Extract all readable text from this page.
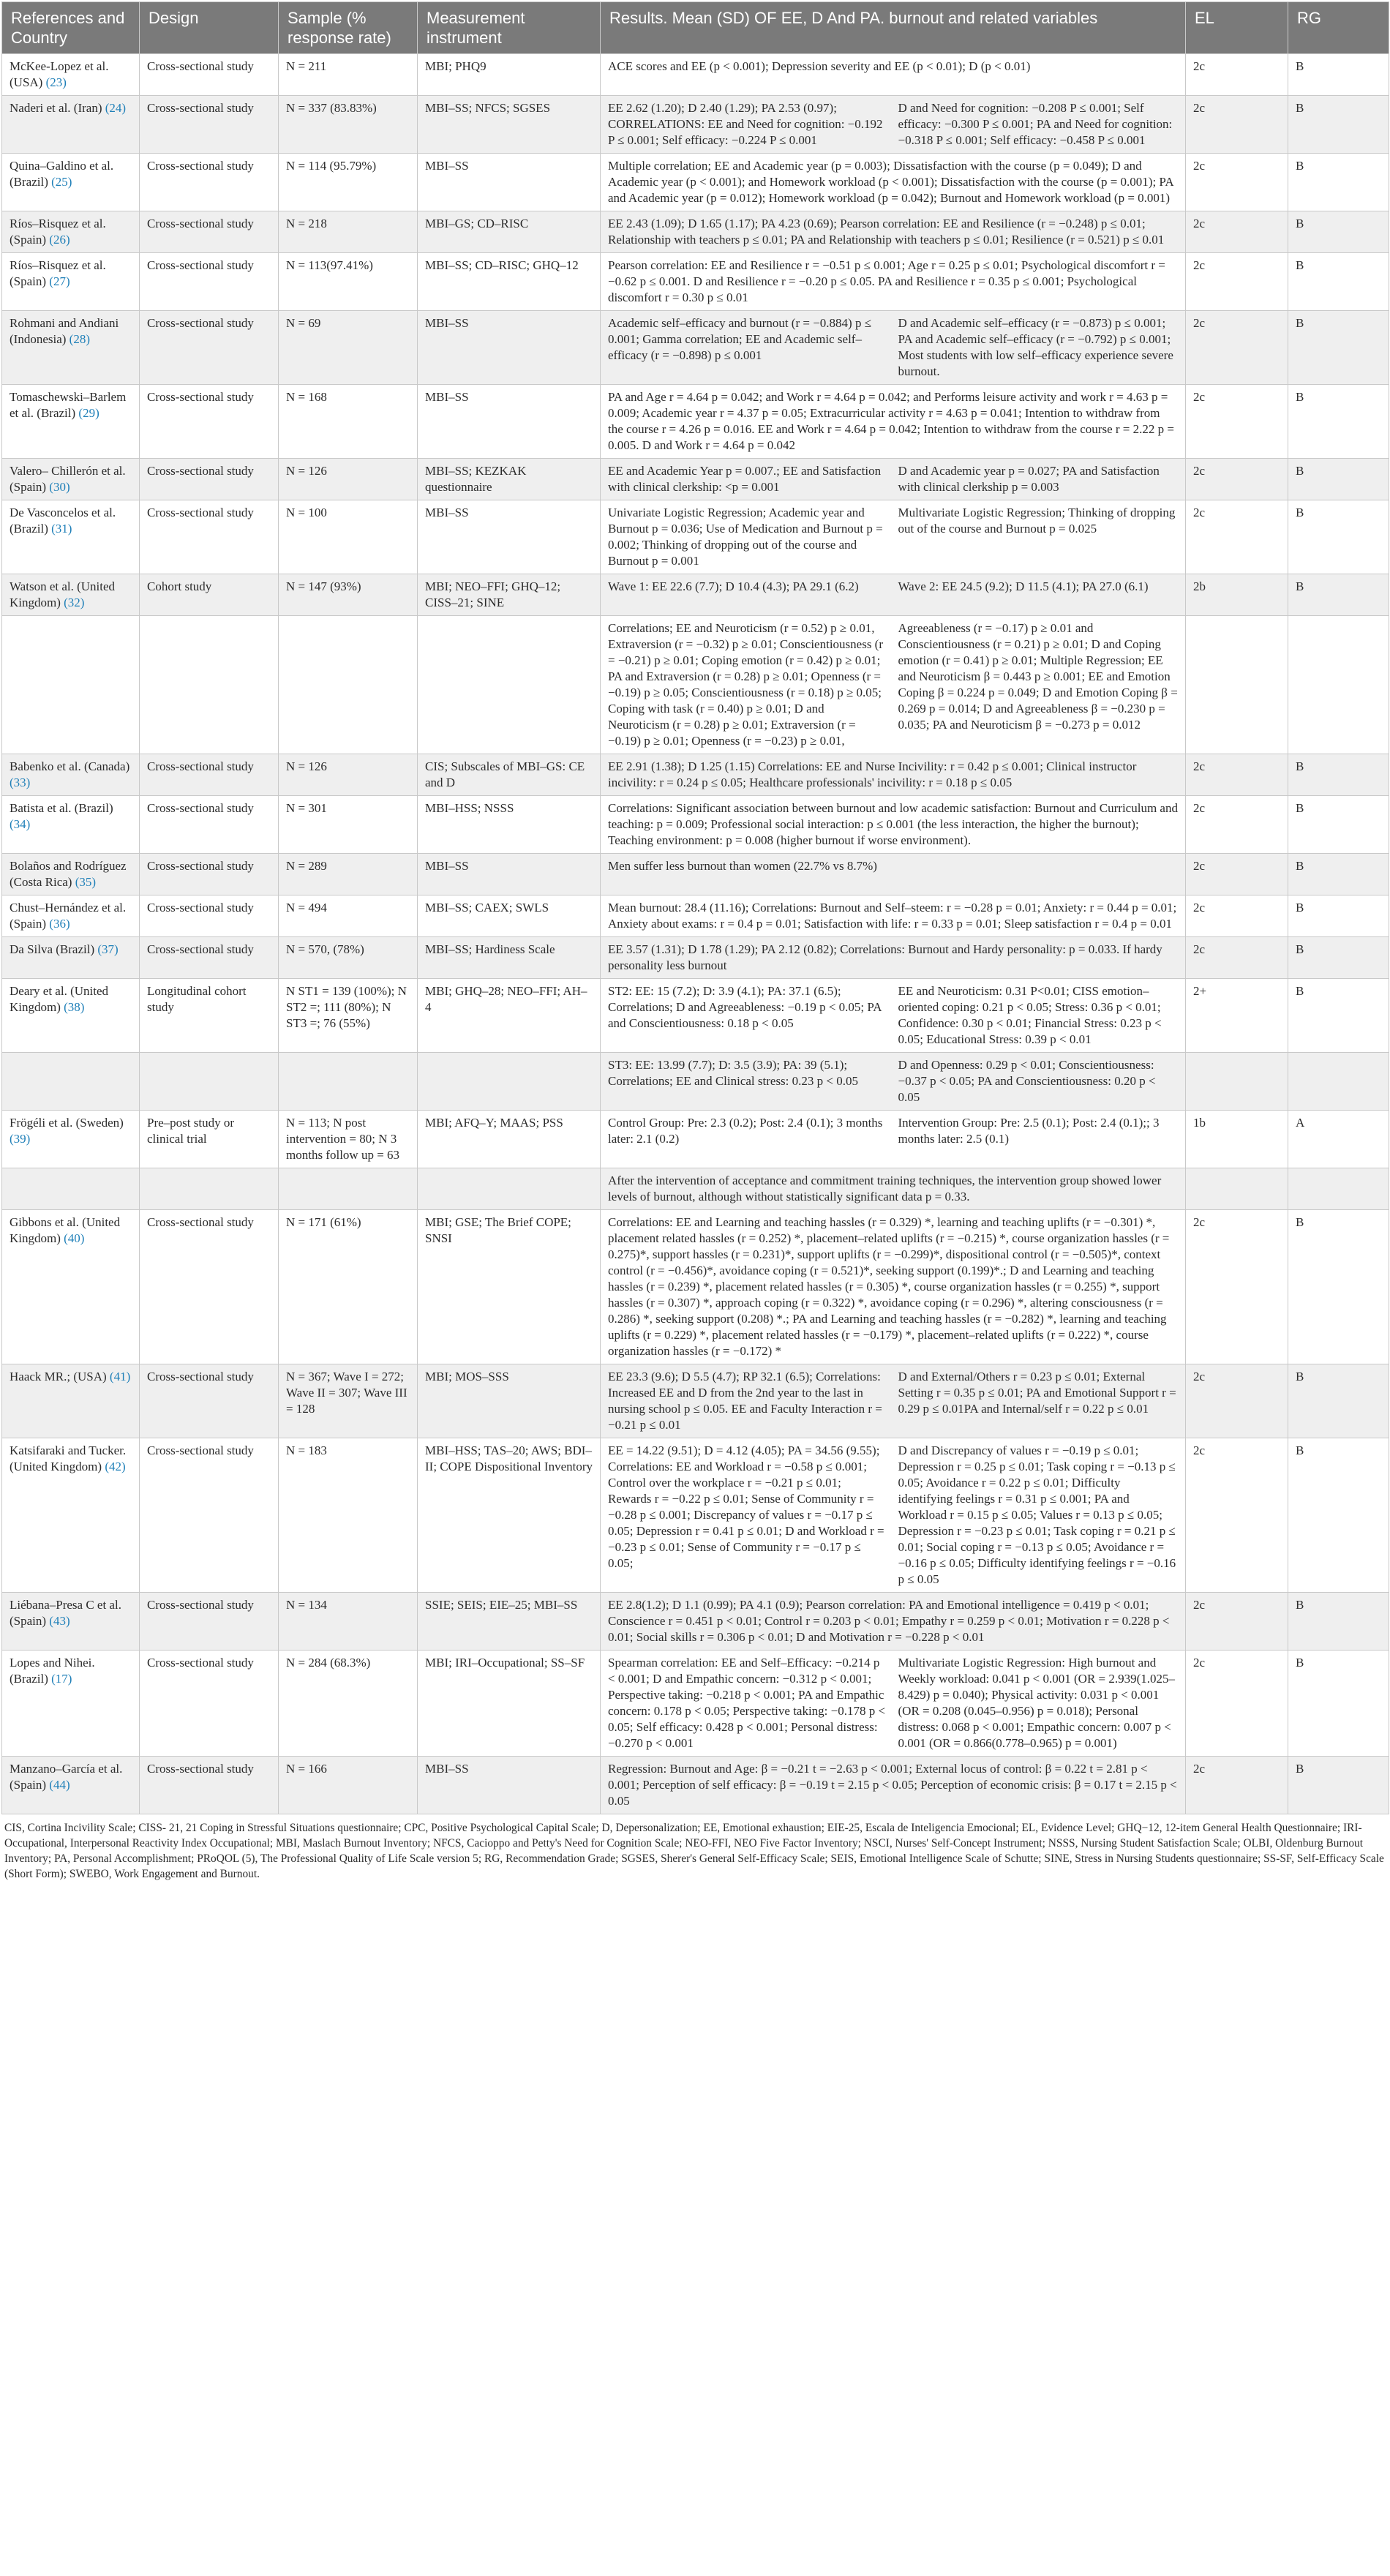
References and Country	Design	Sample (% response rate)	Measurement instrument	Results. Mean (SD) OF EE, D And PA. burnout and related variables	EL	RG
McKee-Lopez et al. (USA) (23)	Cross-sectional study	N = 211	MBI; PHQ9	ACE scores and EE (p < 0.001); Depression severity and EE (p < 0.01); D (p < 0.01)	2c	B
Naderi et al. (Iran) (24)	Cross-sectional study	N = 337 (83.83%)	MBI–SS; NFCS; SGSES	EE 2.62 (1.20); D 2.40 (1.29); PA 2.53 (0.97); CORRELATIONS: EE and Need for cognition: −0.192 P ≤ 0.001; Self efficacy: −0.224 P ≤ 0.001
D and Need for cognition: −0.208 P ≤ 0.001; Self efficacy: −0.300 P ≤ 0.001; PA and Need for cognition: −0.318 P ≤ 0.001; Self efficacy: −0.458 P ≤ 0.001	2c	B
Quina–Galdino et al. (Brazil) (25)	Cross-sectional study	N = 114 (95.79%)	MBI–SS	Multiple correlation; EE and Academic year (p = 0.003); Dissatisfaction with the course (p = 0.049); D and Academic year (p < 0.001); and Homework workload (p < 0.001); Dissatisfaction with the course (p = 0.001); PA and Academic year (p = 0.012); Homework workload (p = 0.042); Burnout and Homework workload (p = 0.001)	2c	B
Ríos–Risquez et al. (Spain) (26)	Cross-sectional study	N = 218	MBI–GS; CD–RISC	EE 2.43 (1.09); D 1.65 (1.17); PA 4.23 (0.69); Pearson correlation: EE and Resilience (r = −0.248) p ≤ 0.01; Relationship with teachers p ≤ 0.01; PA and Relationship with teachers p ≤ 0.01; Resilience (r = 0.521) p ≤ 0.01	2c	B
Ríos–Risquez et al. (Spain) (27)	Cross-sectional study	N = 113(97.41%)	MBI–SS; CD–RISC; GHQ–12	Pearson correlation: EE and Resilience r = −0.51 p ≤ 0.001; Age r = 0.25 p ≤ 0.01; Psychological discomfort r = −0.62 p ≤ 0.001. D and Resilience r = −0.20 p ≤ 0.05. PA and Resilience r = 0.35 p ≤ 0.001; Psychological discomfort r = 0.30 p ≤ 0.01	2c	B
Rohmani and Andiani (Indonesia) (28)	Cross-sectional study	N = 69	MBI–SS	Academic self–efficacy and burnout (r = −0.884) p ≤ 0.001; Gamma correlation; EE and Academic self–efficacy (r = −0.898) p ≤ 0.001
D and Academic self–efficacy (r = −0.873) p ≤ 0.001; PA and Academic self–efficacy (r = −0.792) p ≤ 0.001; Most students with low self–efficacy experience severe burnout.	2c	B
Tomaschewski–Barlem et al. (Brazil) (29)	Cross-sectional study	N = 168	MBI–SS	PA and Age r = 4.64 p = 0.042; and Work r = 4.64 p = 0.042; and Performs leisure activity and work r = 4.63 p = 0.009; Academic year r = 4.37 p = 0.05; Extracurricular activity r = 4.63 p = 0.041; Intention to withdraw from the course r = 4.26 p = 0.016. EE and Work r = 4.64 p = 0.042; Intention to withdraw from the course r = 2.22 p = 0.005. D and Work r = 4.64 p = 0.042	2c	B
Valero– Chillerón et al. (Spain) (30)	Cross-sectional study	N = 126	MBI–SS; KEZKAK questionnaire	EE and Academic Year p = 0.007.; EE and Satisfaction with clinical clerkship: <p = 0.001
D and Academic year p = 0.027; PA and Satisfaction with clinical clerkship p = 0.003	2c	B
De Vasconcelos et al. (Brazil) (31)	Cross-sectional study	N = 100	MBI–SS	Univariate Logistic Regression; Academic year and Burnout p = 0.036; Use of Medication and Burnout p = 0.002; Thinking of dropping out of the course and Burnout p = 0.001
Multivariate Logistic Regression; Thinking of dropping out of the course and Burnout p = 0.025	2c	B
Watson et al. (United Kingdom) (32)	Cohort study	N = 147 (93%)	MBI; NEO–FFI; GHQ–12; CISS–21; SINE	Wave 1: EE 22.6 (7.7); D 10.4 (4.3); PA 29.1 (6.2) Wave 2: EE 24.5 (9.2); D 11.5 (4.1); PA 27.0 (6.1)	2b	B

				Correlations; EE and Neuroticism (r = 0.52) p ≥ 0.01, Extraversion (r = −0.32) p ≥ 0.01; Conscientiousness (r = −0.21) p ≥ 0.01; Coping emotion (r = 0.42) p ≥ 0.01; PA and Extraversion (r = 0.28) p ≥ 0.01; Openness (r = −0.19) p ≥ 0.05; Conscientiousness (r = 0.18) p ≥ 0.05; Coping with task (r = 0.40) p ≥ 0.01; D and Neuroticism (r = 0.28) p ≥ 0.01; Extraversion (r = −0.19) p ≥ 0.01; Openness (r = −0.23) p ≥ 0.01,
Agreeableness (r = −0.17) p ≥ 0.01 and Conscientiousness (r = 0.21) p ≥ 0.01; D and Coping emotion (r = 0.41) p ≥ 0.01; Multiple Regression; EE and Neuroticism β = 0.443 p ≥ 0.001; EE and Emotion Coping β = 0.224 p = 0.049; D and Emotion Coping β = 0.269 p = 0.014; D and Agreeableness β = −0.230 p = 0.035; PA and Neuroticism β = −0.273 p = 0.012		

Babenko et al. (Canada) (33)	Cross-sectional study	N = 126	CIS; Subscales of MBI–GS: CE and D	EE 2.91 (1.38); D 1.25 (1.15) Correlations: EE and Nurse Incivility: r = 0.42 p ≤ 0.001; Clinical instructor incivility: r = 0.24 p ≤ 0.05; Healthcare professionals' incivility: r = 0.18 p ≤ 0.05	2c	B
Batista et al. (Brazil) (34)	Cross-sectional study	N = 301	MBI–HSS; NSSS	Correlations: Significant association between burnout and low academic satisfaction: Burnout and Curriculum and teaching: p = 0.009; Professional social interaction: p ≤ 0.001 (the less interaction, the higher the burnout); Teaching environment: p = 0.008 (higher burnout if worse environment).	2c	B
Bolaños and Rodríguez (Costa Rica) (35)	Cross-sectional study	N = 289	MBI–SS	Men suffer less burnout than women (22.7% vs 8.7%)	2c	B
Chust–Hernández et al. (Spain) (36)	Cross-sectional study	N = 494	MBI–SS; CAEX; SWLS	Mean burnout: 28.4 (11.16); Correlations: Burnout and Self–steem: r = −0.28 p = 0.01; Anxiety: r = 0.44 p = 0.01; Anxiety about exams: r = 0.4 p = 0.01; Satisfaction with life: r = 0.33 p = 0.01; Sleep satisfaction r = 0.4 p = 0.01	2c	B
Da Silva (Brazil) (37)	Cross-sectional study	N = 570, (78%)	MBI–SS; Hardiness Scale	EE 3.57 (1.31); D 1.78 (1.29); PA 2.12 (0.82); Correlations: Burnout and Hardy personality: p = 0.033. If hardy personality less burnout	2c	B
Deary et al. (United Kingdom) (38)	Longitudinal cohort study	N ST1 = 139 (100%); N ST2 =; 111 (80%); N ST3 =; 76 (55%)	MBI; GHQ–28; NEO–FFI; AH–4	ST2: EE: 15 (7.2); D: 3.9 (4.1); PA: 37.1 (6.5); Correlations; D and Agreeableness: −0.19 p < 0.05; PA and Conscientiousness: 0.18 p < 0.05
EE and Neuroticism: 0.31 P<0.01; CISS emotion–oriented coping: 0.21 p < 0.05; Stress: 0.36 p < 0.01; Confidence: 0.30 p < 0.01; Financial Stress: 0.23 p < 0.05; Educational Stress: 0.39 p < 0.01	2+	B

				ST3: EE: 13.99 (7.7); D: 3.5 (3.9); PA: 39 (5.1); Correlations; EE and Clinical stress: 0.23 p < 0.05
D and Openness: 0.29 p < 0.01; Conscientiousness: −0.37 p < 0.05; PA and Conscientiousness: 0.20 p < 0.05		

Frögéli et al. (Sweden) (39)	Pre–post study or clinical trial	N = 113; N post intervention = 80; N 3 months follow up = 63	MBI; AFQ–Y; MAAS; PSS	Control Group: Pre: 2.3 (0.2); Post: 2.4 (0.1); 3 months later: 2.1 (0.2)
Intervention Group: Pre: 2.5 (0.1); Post: 2.4 (0.1);; 3 months later: 2.5 (0.1)	1b	A
				After the intervention of acceptance and commitment training techniques, the intervention group showed lower levels of burnout, although without statistically significant data p = 0.33.		
Gibbons et al. (United Kingdom) (40)	Cross-sectional study	N = 171 (61%)	MBI; GSE; The Brief COPE; SNSI	Correlations: EE and Learning and teaching hassles (r = 0.329) *, learning and teaching uplifts (r = −0.301) *, placement related hassles (r = 0.252) *, placement–related uplifts (r = −0.215) *, course organization hassles (r = 0.275)*, support hassles (r = 0.231)*, support uplifts (r = −0.299)*, dispositional control (r = −0.505)*, context control (r = −0.456)*, avoidance coping (r = 0.521)*, seeking support (0.199)*.; D and Learning and teaching hassles (r = 0.239) *, placement related hassles (r = 0.305) *, course organization hassles (r = 0.255) *, support hassles (r = 0.307) *, approach coping (r = 0.322) *, avoidance coping (r = 0.296) *, altering consciousness (r = 0.286) *, seeking support (0.208) *.; PA and Learning and teaching hassles (r = −0.282) *, learning and teaching uplifts (r = 0.229) *, placement related hassles (r = −0.179) *, placement–related uplifts (r = 0.222) *, course organization hassles (r = −0.172) *	2c	B
Haack MR.; (USA) (41)	Cross-sectional study	N = 367; Wave I = 272; Wave II = 307; Wave III = 128	MBI; MOS–SSS	EE 23.3 (9.6); D 5.5 (4.7); RP 32.1 (6.5); Correlations: Increased EE and D from the 2nd year to the last in nursing school p ≤ 0.05. EE and Faculty Interaction r = −0.21 p ≤ 0.01
D and External/Others r = 0.23 p ≤ 0.01; External Setting r = 0.35 p ≤ 0.01; PA and Emotional Support r = 0.29 p ≤ 0.01PA and Internal/self r = 0.22 p ≤ 0.01	2c	B
Katsifaraki and Tucker. (United Kingdom) (42)	Cross-sectional study	N = 183	MBI–HSS; TAS–20; AWS; BDI–II; COPE Dispositional Inventory	EE = 14.22 (9.51); D = 4.12 (4.05); PA = 34.56 (9.55); Correlations: EE and Workload r = −0.58 p ≤ 0.001; Control over the workplace r = −0.21 p ≤ 0.01; Rewards r = −0.22 p ≤ 0.01; Sense of Community r = −0.28 p ≤ 0.001; Discrepancy of values r = −0.17 p ≤ 0.05; Depression r = 0.41 p ≤ 0.01; D and Workload r = −0.23 p ≤ 0.01; Sense of Community r = −0.17 p ≤ 0.05;
D and Discrepancy of values r = −0.19 p ≤ 0.01; Depression r = 0.25 p ≤ 0.01; Task coping r = −0.13 p ≤ 0.05; Avoidance r = 0.22 p ≤ 0.01; Difficulty identifying feelings r = 0.31 p ≤ 0.001; PA and Workload r = 0.15 p ≤ 0.05; Values r = 0.13 p ≤ 0.05; Depression r = −0.23 p ≤ 0.01; Task coping r = 0.21 p ≤ 0.01; Social coping r = −0.13 p ≤ 0.05; Avoidance r = −0.16 p ≤ 0.05; Difficulty identifying feelings r = −0.16 p ≤ 0.05	2c	B
Liébana–Presa C et al. (Spain) (43)	Cross-sectional study	N = 134	SSIE; SEIS; EIE–25; MBI–SS	EE 2.8(1.2); D 1.1 (0.99); PA 4.1 (0.9); Pearson correlation: PA and Emotional intelligence = 0.419 p < 0.01; Conscience r = 0.451 p < 0.01; Control r = 0.203 p < 0.01; Empathy r = 0.259 p < 0.01; Motivation r = 0.228 p < 0.01; Social skills r = 0.306 p < 0.01; D and Motivation r = −0.228 p < 0.01	2c	B
Lopes and Nihei. (Brazil) (17)	Cross-sectional study	N = 284 (68.3%)	MBI; IRI–Occupational; SS–SF	Spearman correlation: EE and Self–Efficacy: −0.214 p < 0.001; D and Empathic concern: −0.312 p < 0.001; Perspective taking: −0.218 p < 0.001; PA and Empathic concern: 0.178 p < 0.05; Perspective taking: −0.178 p < 0.05; Self efficacy: 0.428 p < 0.001; Personal distress: −0.270 p < 0.001
Multivariate Logistic Regression: High burnout and Weekly workload: 0.041 p < 0.001 (OR = 2.939(1.025–8.429) p = 0.040); Physical activity: 0.031 p < 0.001 (OR = 0.208 (0.045–0.956) p = 0.018); Personal distress: 0.068 p < 0.001; Empathic concern: 0.007 p < 0.001 (OR = 0.866(0.778–0.965) p = 0.001)	2c	B
Manzano–García et al. (Spain) (44)	Cross-sectional study	N = 166	MBI–SS	Regression: Burnout and Age: β = −0.21 t = −2.63 p < 0.001; External locus of control: β = 0.22 t = 2.81 p < 0.001; Perception of self efficacy: β = −0.19 t = 2.15 p < 0.05; Perception of economic crisis: β = 0.17 t = 2.15 p < 0.05	2c	B
CIS, Cortina Incivility Scale; CISS- 21, 21 Coping in Stressful Situations questionnaire; CPC, Positive Psychological Capital Scale; D, Depersonalization; EE, Emotional exhaustion; EIE-25, Escala de Inteligencia Emocional; EL, Evidence Level; GHQ−12, 12-item General Health Questionnaire; IRI- Occupational, Interpersonal Reactivity Index Occupational; MBI, Maslach Burnout Inventory; NFCS, Cacioppo and Petty's Need for Cognition Scale; NEO-FFI, NEO Five Factor Inventory; NSCI, Nurses' Self-Concept Instrument; NSSS, Nursing Student Satisfaction Scale; OLBI, Oldenburg Burnout Inventory; PA, Personal Accomplishment; PRoQOL (5), The Professional Quality of Life Scale version 5; RG, Recommendation Grade; SGSES, Sherer's General Self-Efficacy Scale; SEIS, Emotional Intelligence Scale of Schutte; SINE, Stress in Nursing Students questionnaire; SS-SF, Self-Efficacy Scale (Short Form); SWEBO, Work Engagement and Burnout.
